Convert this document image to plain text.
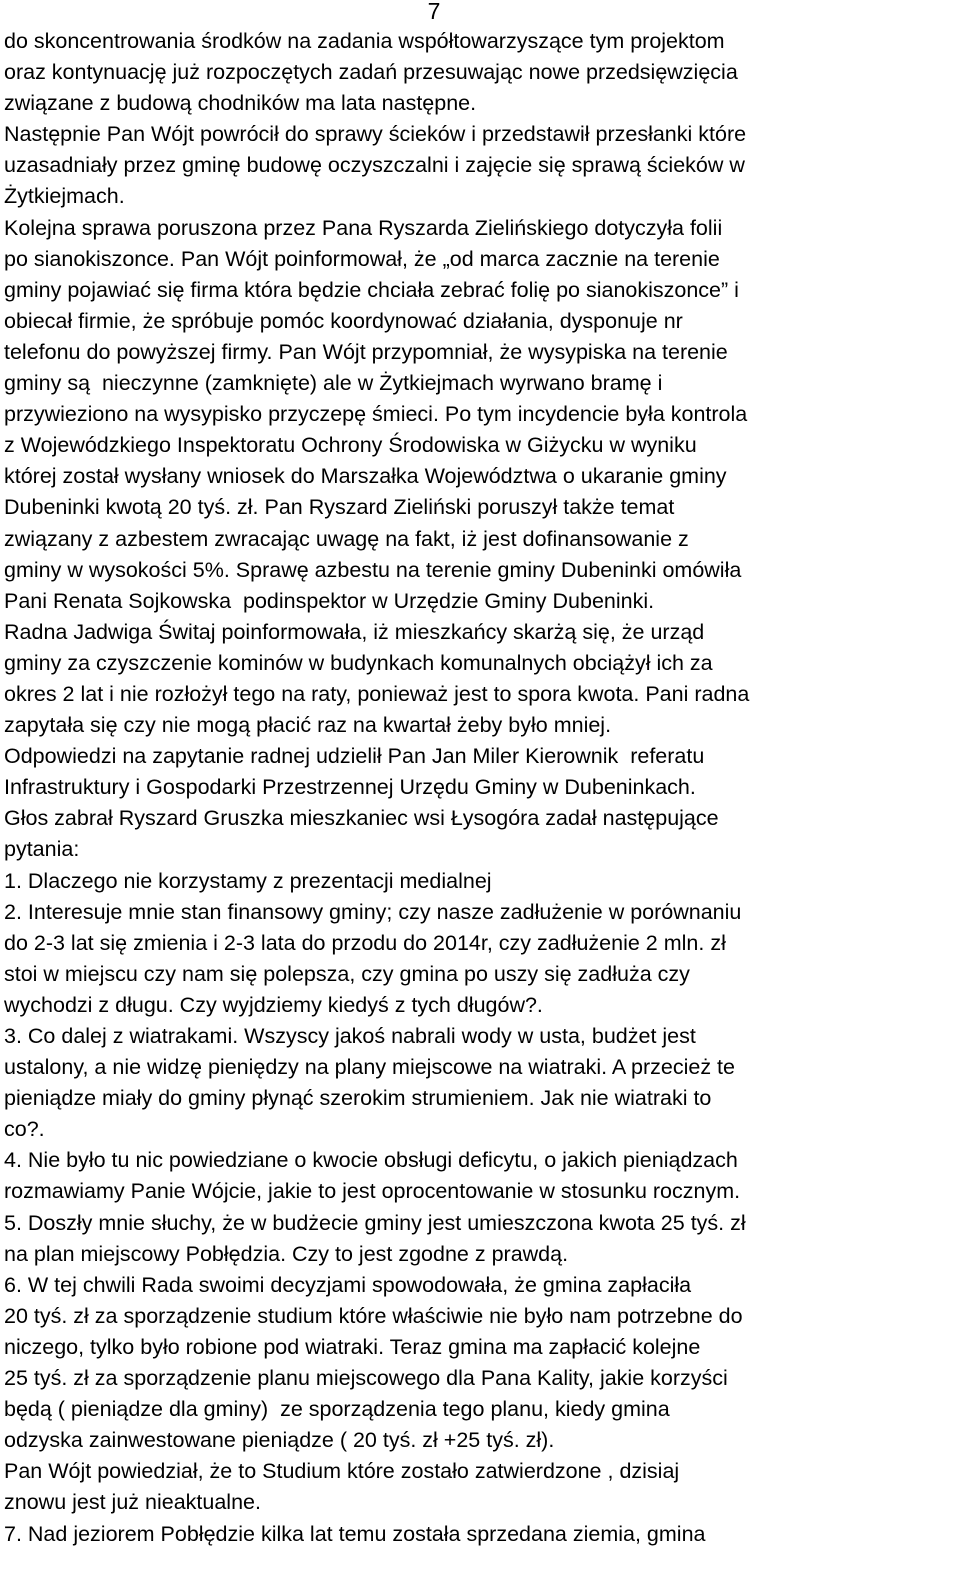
7
do skoncentrowania środków na zadania współtowarzyszące tym projektom
oraz kontynuację już rozpoczętych zadań przesuwając nowe przedsięwzięcia
związane z budową chodników ma lata następne.
Następnie Pan Wójt powrócił do sprawy ścieków i przedstawił przesłanki które
uzasadniały przez gminę budowę oczyszczalni i zajęcie się sprawą ścieków w
Żytkiejmach.
Kolejna sprawa poruszona przez Pana Ryszarda Zielińskiego dotyczyła folii
po sianokiszonce. Pan Wójt poinformował, że „od marca zacznie na terenie
gminy pojawiać się firma która będzie chciała zebrać folię po sianokiszonce” i
obiecał firmie, że spróbuje pomóc koordynować działania, dysponuje nr
telefonu do powyższej firmy. Pan Wójt przypomniał, że wysypiska na terenie
gminy są  nieczynne (zamknięte) ale w Żytkiejmach wyrwano bramę i
przywieziono na wysypisko przyczepę śmieci. Po tym incydencie była kontrola
z Wojewódzkiego Inspektoratu Ochrony Środowiska w Giżycku w wyniku
której został wysłany wniosek do Marszałka Województwa o ukaranie gminy
Dubeninki kwotą 20 tyś. zł. Pan Ryszard Zieliński poruszył także temat
związany z azbestem zwracając uwagę na fakt, iż jest dofinansowanie z
gminy w wysokości 5%. Sprawę azbestu na terenie gminy Dubeninki omówiła
Pani Renata Sojkowska  podinspektor w Urzędzie Gminy Dubeninki.
Radna Jadwiga Świtaj poinformowała, iż mieszkańcy skarżą się, że urząd
gminy za czyszczenie kominów w budynkach komunalnych obciążył ich za
okres 2 lat i nie rozłożył tego na raty, ponieważ jest to spora kwota. Pani radna
zapytała się czy nie mogą płacić raz na kwartał żeby było mniej.
Odpowiedzi na zapytanie radnej udzielił Pan Jan Miler Kierownik  referatu
Infrastruktury i Gospodarki Przestrzennej Urzędu Gminy w Dubeninkach.
Głos zabrał Ryszard Gruszka mieszkaniec wsi Łysogóra zadał następujące
pytania:
1. Dlaczego nie korzystamy z prezentacji medialnej
2. Interesuje mnie stan finansowy gminy; czy nasze zadłużenie w porównaniu
do 2-3 lat się zmienia i 2-3 lata do przodu do 2014r, czy zadłużenie 2 mln. zł
stoi w miejscu czy nam się polepsza, czy gmina po uszy się zadłuża czy
wychodzi z długu. Czy wyjdziemy kiedyś z tych długów?.
3. Co dalej z wiatrakami. Wszyscy jakoś nabrali wody w usta, budżet jest
ustalony, a nie widzę pieniędzy na plany miejscowe na wiatraki. A przecież te
pieniądze miały do gminy płynąć szerokim strumieniem. Jak nie wiatraki to
co?.
4. Nie było tu nic powiedziane o kwocie obsługi deficytu, o jakich pieniądzach
rozmawiamy Panie Wójcie, jakie to jest oprocentowanie w stosunku rocznym.
5. Doszły mnie słuchy, że w budżecie gminy jest umieszczona kwota 25 tyś. zł
na plan miejscowy Pobłędzia. Czy to jest zgodne z prawdą.
6. W tej chwili Rada swoimi decyzjami spowodowała, że gmina zapłaciła
20 tyś. zł za sporządzenie studium które właściwie nie było nam potrzebne do
niczego, tylko było robione pod wiatraki. Teraz gmina ma zapłacić kolejne
25 tyś. zł za sporządzenie planu miejscowego dla Pana Kality, jakie korzyści
będą ( pieniądze dla gminy)  ze sporządzenia tego planu, kiedy gmina
odzyska zainwestowane pieniądze ( 20 tyś. zł +25 tyś. zł).
Pan Wójt powiedział, że to Studium które zostało zatwierdzone , dzisiaj
znowu jest już nieaktualne.
7. Nad jeziorem Pobłędzie kilka lat temu została sprzedana ziemia, gmina
